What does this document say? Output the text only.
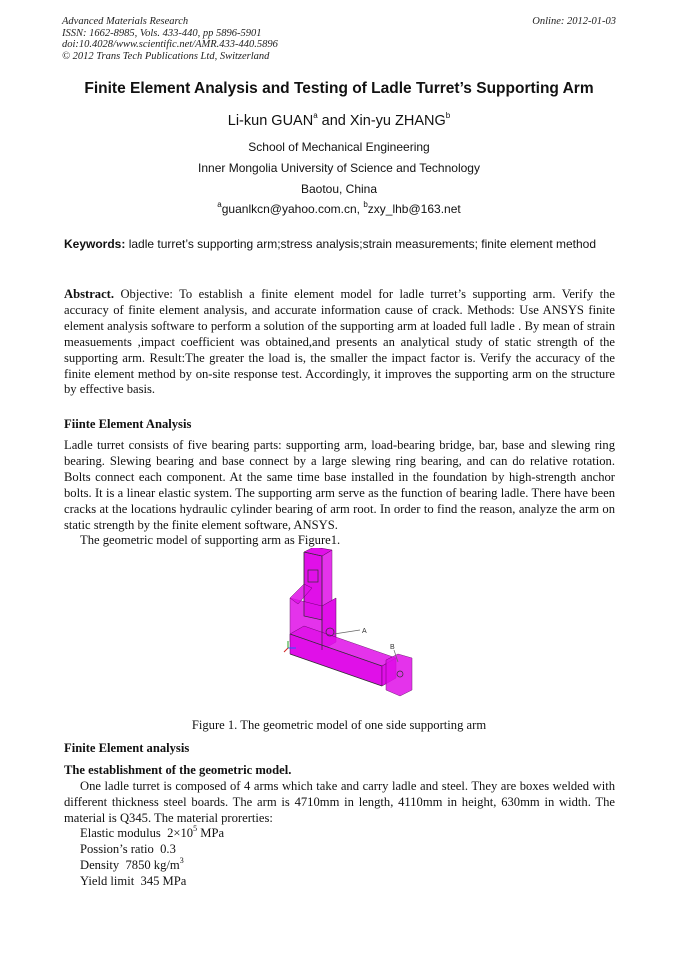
Advanced Materials Research
ISSN: 1662-8985, Vols. 433-440, pp 5896-5901
doi:10.4028/www.scientific.net/AMR.433-440.5896
© 2012 Trans Tech Publications Ltd, Switzerland
Online: 2012-01-03
Finite Element Analysis and Testing of Ladle Turret’s Supporting Arm
Li-kun GUAN$^a$ and Xin-yu ZHANG$^b$
School of Mechanical Engineering
Inner Mongolia University of Science and Technology
Baotou, China
$^a$guanlkcn@yahoo.com.cn, $^b$zxy_lhb@163.net
Keywords: ladle turret’s supporting arm;stress analysis;strain measurements; finite element method
Abstract. Objective: To establish a finite element model for ladle turret’s supporting arm. Verify the accuracy of finite element analysis, and accurate information cause of crack. Methods: Use ANSYS finite element analysis software to perform a solution of the supporting arm at loaded full ladle . By mean of strain measuements ,impact coefficient was obtained,and presents an analytical study of static strength of the supporting arm. Result:The greater the load is, the smaller the impact factor is. Verify the accuracy of the finite element method by on-site response test. Accordingly, it improves the supporting arm on the structure by effective basis.
Fiinte Element Analysis
Ladle turret consists of five bearing parts: supporting arm, load-bearing bridge, bar, base and slewing ring bearing. Slewing bearing and base connect by a large slewing ring bearing, and can do relative rotation. Bolts connect each component. At the same time base installed in the foundation by high-strength anchor bolts. It is a linear elastic system. The supporting arm serve as the function of bearing ladle. There have been cracks at the locations hydraulic cylinder bearing of arm root. In order to find the reason, analyze the arm on static strength by the finite element software, ANSYS.
The geometric model of supporting arm as Figure1.
A
B
Figure 1. The geometric model of one side supporting arm
Finite Element analysis
The establishment of the geometric model.
One ladle turret is composed of 4 arms which take and carry ladle and steel. They are boxes welded with different thickness steel boards. The arm is 4710mm in length, 4110mm in height, 630mm in width. The material is Q345. The material prorerties:
Elastic modulus  $2\times 10^5$ MPa
Possion’s ratio  0.3
Density  7850 $kg/m^3$
Yield limit  345 MPa
